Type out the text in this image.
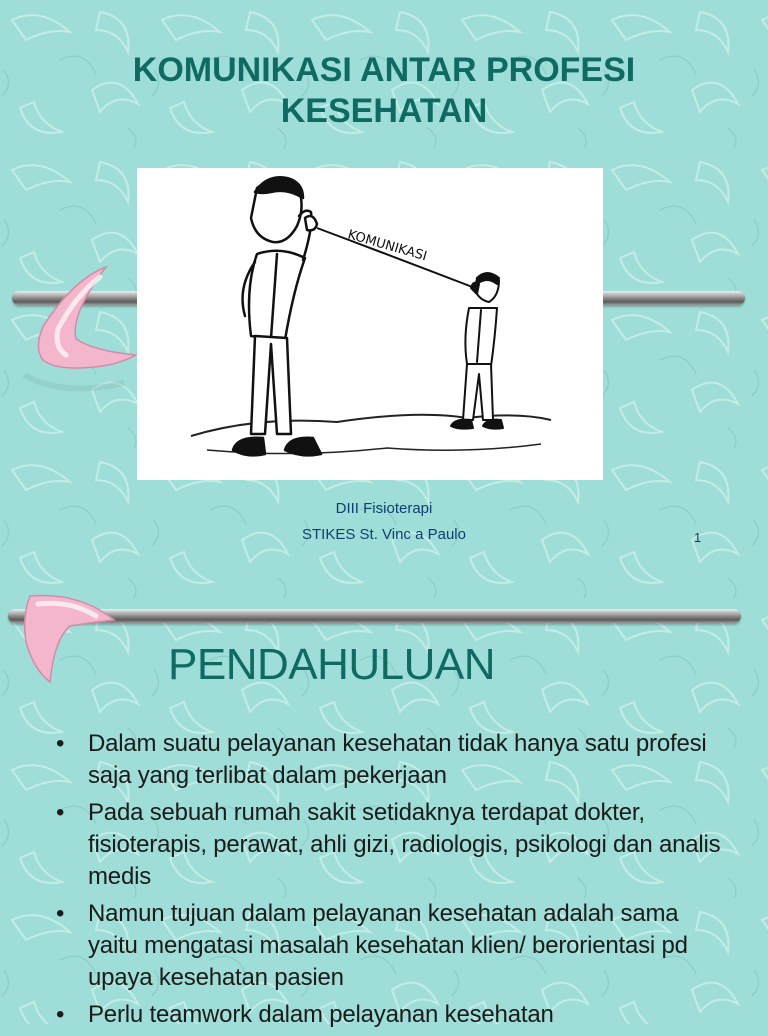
KOMUNIKASI ANTAR PROFESI
KESEHATAN
KOMUNIKASI
DIII Fisioterapi
STIKES St. Vinc a Paulo	1
PENDAHULUAN
• Dalam suatu pelayanan kesehatan tidak hanya satu profesi saja yang terlibat dalam pekerjaan
• Pada sebuah rumah sakit setidaknya terdapat dokter, fisioterapis, perawat, ahli gizi, radiologis, psikologi dan analis medis
• Namun tujuan dalam pelayanan kesehatan adalah sama yaitu mengatasi masalah kesehatan klien/ berorientasi pd upaya kesehatan pasien
• Perlu teamwork dalam pelayanan kesehatan
